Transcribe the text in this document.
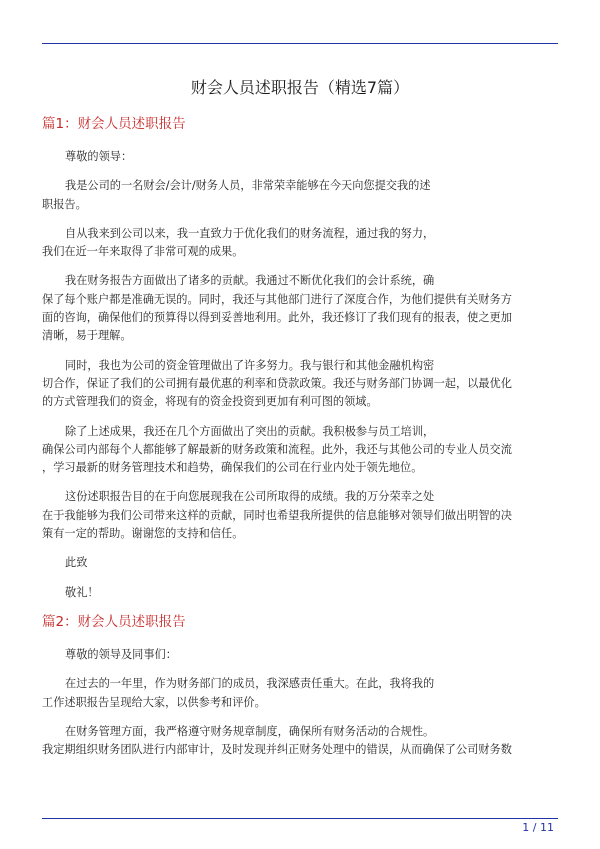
财会人员述职报告（精选7篇）
篇1：财会人员述职报告
尊敬的领导：
我是公司的一名财会/会计/财务人员，非常荣幸能够在今天向您提交我的述
职报告。
自从我来到公司以来，我一直致力于优化我们的财务流程，通过我的努力，
我们在近一年来取得了非常可观的成果。
我在财务报告方面做出了诸多的贡献。我通过不断优化我们的会计系统，确
保了每个账户都是准确无误的。同时，我还与其他部门进行了深度合作，为他们提供有关财务方
面的咨询，确保他们的预算得以得到妥善地利用。此外，我还修订了我们现有的报表，使之更加
清晰，易于理解。
同时，我也为公司的资金管理做出了许多努力。我与银行和其他金融机构密
切合作，保证了我们的公司拥有最优惠的利率和贷款政策。我还与财务部门协调一起，以最优化
的方式管理我们的资金，将现有的资金投资到更加有利可图的领域。
除了上述成果，我还在几个方面做出了突出的贡献。我积极参与员工培训，
确保公司内部每个人都能够了解最新的财务政策和流程。此外，我还与其他公司的专业人员交流
，学习最新的财务管理技术和趋势，确保我们的公司在行业内处于领先地位。
这份述职报告目的在于向您展现我在公司所取得的成绩。我的万分荣幸之处
在于我能够为我们公司带来这样的贡献，同时也希望我所提供的信息能够对领导们做出明智的决
策有一定的帮助。谢谢您的支持和信任。
此致
敬礼！
篇2：财会人员述职报告
尊敬的领导及同事们：
在过去的一年里，作为财务部门的成员，我深感责任重大。在此，我将我的
工作述职报告呈现给大家，以供参考和评价。
在财务管理方面，我严格遵守财务规章制度，确保所有财务活动的合规性。
我定期组织财务团队进行内部审计，及时发现并纠正财务处理中的错误，从而确保了公司财务数
1 / 11
